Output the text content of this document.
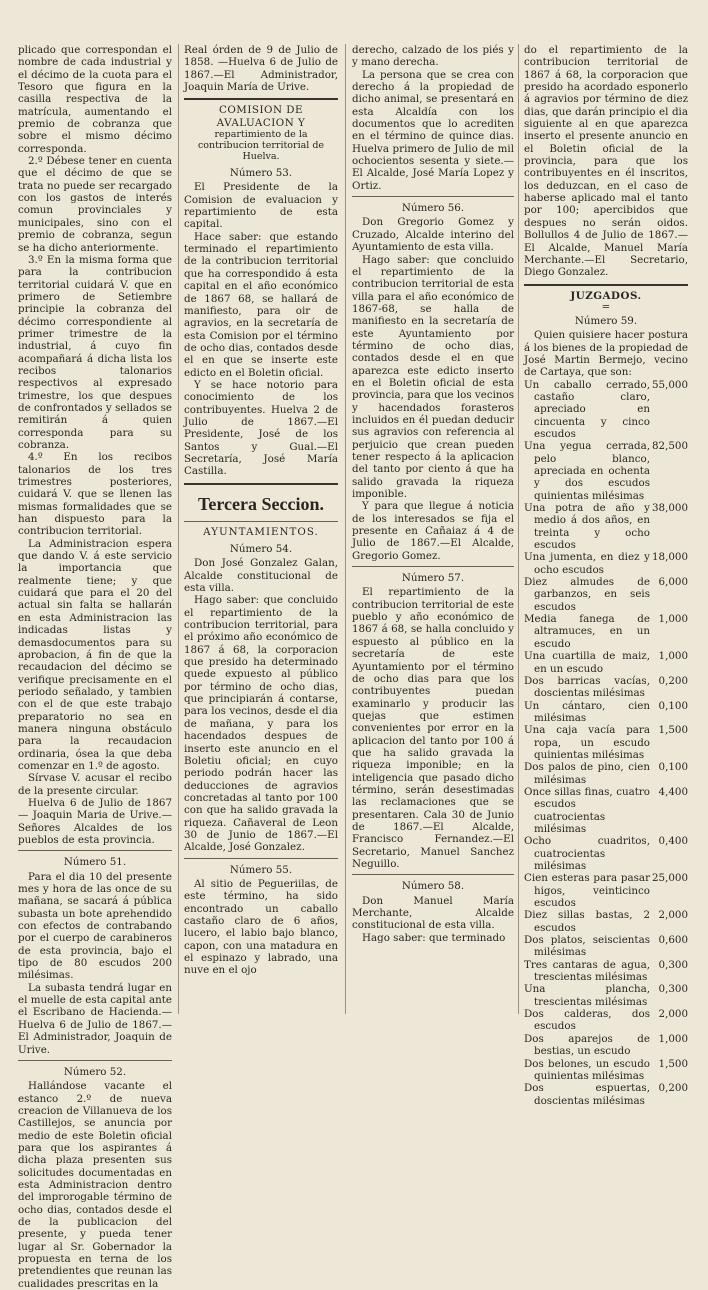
plicado que correspondan el nombre de cada industrial y el décimo de la cuota para el Tesoro que figura en la casilla respectiva de la matrícula, aumentando el premio de cobranza que sobre el mismo décimo corresponda.

2.º Débese tener en cuenta que el décimo de que se trata no puede ser recargado con los gastos de interés comun provinciales y municipales, sino con el premio de cobranza, segun se ha dicho anteriormente.

3.º En la misma forma que para la contribucion territorial cuidará V. que en primero de Setiembre principie la cobranza del décimo correspondiente al primer trimestre de la industrial, á cuyo fin acompañará á dicha lista los recibos talonarios respectivos al expresado trimestre, los que despues de confrontados y sellados se remitirán á quien corresponda para su cobranza.

4.º En los recibos talonarios de los tres trimestres posteriores, cuidará V. que se llenen las mismas formalidades que se han dispuesto para la contribucion territorial.

La Administracion espera que dando V. á este servicio la importancia que realmente tiene; y que cuidará que para el 20 del actual sin falta se hallarán en esta Administracion las indicadas listas y demasdocumentos para su aprobacion, á fin de que la recaudacion del décimo se verifique precisamente en el periodo señalado, y tambien con el de que este trabajo preparatorio no sea en manera ninguna obstáculo para la recaudacion ordinaria, ósea la que deba comenzar en 1.º de agosto.

Sírvase V. acusar el recibo de la presente circular.

Huelva 6 de Julio de 1867 — Joaquin Maria de Urive.—Señores Alcaldes de los pueblos de esta provincia.

Número 51.

Para el dia 10 del presente mes y hora de las once de su mañana, se sacará á pública subasta un bote aprehendido con efectos de contrabando por el cuerpo de carabineros de esta provincia, bajo el tipo de 80 escudos 200 milésimas.

La subasta tendrá lugar en el muelle de esta capital ante el Escribano de Hacienda.—Huelva 6 de Julio de 1867.—El Administrador, Joaquin de Urive.

Número 52.

Hallándose vacante el estanco 2.º de nueva creacion de Villanueva de los Castillejos, se anuncia por medio de este Boletin oficial para que los aspirantes á dicha plaza presenten sus solicitudes documentadas en esta Administracion dentro del improrogable término de ocho dias, contados desde el de la publicacion del presente, y pueda tener lugar al Sr. Gobernador la propuesta en terna de los pretendientes que reunan las cualidades prescritas en la

Real órden de 9 de Julio de 1858. —Huelva 6 de Julio de 1867.—El Administrador, Joaquin María de Urive.

COMISION DE AVALUACION Y

repartimiento de la contribucion territorial de Huelva.

Número 53.

El Presidente de la Comision de evaluacion y repartimiento de esta capital.

Hace saber: que estando terminado el repartimiento de la contribucion territorial que ha correspondido á esta capital en el año económico de 1867 68, se hallará de manifiesto, para oir de agravios, en la secretaría de esta Comision por el término de ocho dias, contados desde el en que se inserte este edicto en el Boletin oficial.

Y se hace notorio para conocimiento de los contribuyentes. Huelva 2 de Julio de 1867.—El Presidente, José de los Santos y Gual.—El Secretaría, José María Castilla.

Tercera Seccion.

AYUNTAMIENTOS.

Número 54.

Don José Gonzalez Galan, Alcalde constitucional de esta villa.

Hago saber: que concluido el repartimiento de la contribucion territorial, para el próximo año económico de 1867 á 68, la corporacion que presido ha determinado quede expuesto al público por término de ocho dias, que principiarán á contarse, para los vecinos, desde el dia de mañana, y para los hacendados despues de inserto este anuncio en el Boletiu oficial; en cuyo periodo podrán hacer las deducciones de agravios concretadas al tanto por 100 con que ha salido gravada la riqueza. Cañaveral de Leon 30 de Junio de 1867.—El Alcalde, José Gonzalez.

Número 55.

Al sitio de Pegueriilas, de este término, ha sido encontrado un caballo castaño claro de 6 años, lucero, el labio bajo blanco, capon, con una matadura en el espinazo y labrado, una nuve en el ojo

derecho, calzado de los piés y y mano derecha.

La persona que se crea con derecho á la propiedad de dicho animal, se presentará en esta Alcaldía con los documentos que lo acrediten en el término de quince dias. Huelva primero de Julio de mil ochocientos sesenta y siete.—El Alcalde, José María Lopez y Ortiz.

Número 56.

Don Gregorio Gomez y Cruzado, Alcalde interino del Ayuntamiento de esta villa.

Hago saber: que concluido el repartimiento de la contribucion territorial de esta villa para el año económico de 1867-68, se halla de manifiesto en la secretaría de este Ayuntamiento por término de ocho dias, contados desde el en que aparezca este edicto inserto en el Boletin oficial de esta provincia, para que los vecinos y hacendados forasteros incluidos en él puedan deducir sus agravios con referencia al perjuicio que crean pueden tener respecto á la aplicacion del tanto por ciento á que ha salido gravada la riqueza imponible.

Y para que llegue á noticia de los interesados se fija el presente en Cañaiaz á 4 de Julio de 1867.—El Alcalde, Gregorio Gomez.

Número 57.

El repartimiento de la contribucion territorial de este pueblo y año económico de 1867 á 68, se halla concluido y espuesto al público en la secretaría de este Ayuntamiento por el término de ocho dias para que los contribuyentes puedan examinarlo y producir las quejas que estimen convenientes por error en la aplicacion del tanto por 100 á que ha salido gravada la riqueza imponible; en la inteligencia que pasado dicho término, serán desestimadas las reclamaciones que se presentaren. Cala 30 de Junio de 1867.—El Alcalde, Francisco Fernandez.—El Secretario, Manuel Sanchez Neguillo.

Número 58.

Don Manuel María Merchante, Alcalde constitucional de esta villa.

Hago saber: que terminado

do el repartimiento de la contribucion territorial de 1867 á 68, la corporacion que presido ha acordado esponerlo á agravios por término de diez dias, que darán principio el dia siguiente al en que aparezca inserto el presente anuncio en el Boletin oficial de la provincia, para que los contribuyentes en él inscritos, los deduzcan, en el caso de haberse aplicado mal el tanto por 100; apercibidos que despues no serán oidos. Bollullos 4 de Julio de 1867.—El Alcalde, Manuel María Merchante.—El Secretario, Diego Gonzalez.

JUZGADOS.

=

Número 59.

Quien quisiere hacer postura á los bienes de la propiedad de José Martin Bermejo, vecino de Cartaya, que son:

Un caballo cerrado, castaño claro, apreciado en cincuenta y cinco escudos
55,000
Una yegua cerrada, pelo blanco, apreciada en ochenta y dos escudos quinientas milésimas
82,500
Una potra de año y medio á dos años, en treinta y ocho escudos
38,000
Una jumenta, en diez y ocho escudos
18,000
Diez almudes de garbanzos, en seis escudos
6,000
Media fanega de altramuces, en un escudo
1,000
Una cuartilla de maiz, en un escudo
1,000
Dos barricas vacías, doscientas milésimas
0,200
Un cántaro, cien milésimas
0,100
Una caja vacía para ropa, un escudo quinientas milésimas
1,500
Dos palos de pino, cien milésimas
0,100
Once sillas finas, cuatro escudos cuatrocientas milésimas
4,400
Ocho cuadritos, cuatrocientas milésimas
0,400
Cien esteras para pasar higos, veinticinco escudos
25,000
Diez sillas bastas, 2 escudos
2,000
Dos platos, seiscientas milésimas
0,600
Tres cantaras de agua, trescientas milésimas
0,300
Una plancha, trescientas milésimas
0,300
Dos calderas, dos escudos
2,000
Dos aparejos de bestias, un escudo
1,000
Dos belones, un escudo quinientas milésimas
1,500
Dos espuertas, doscientas milésimas
0,200
